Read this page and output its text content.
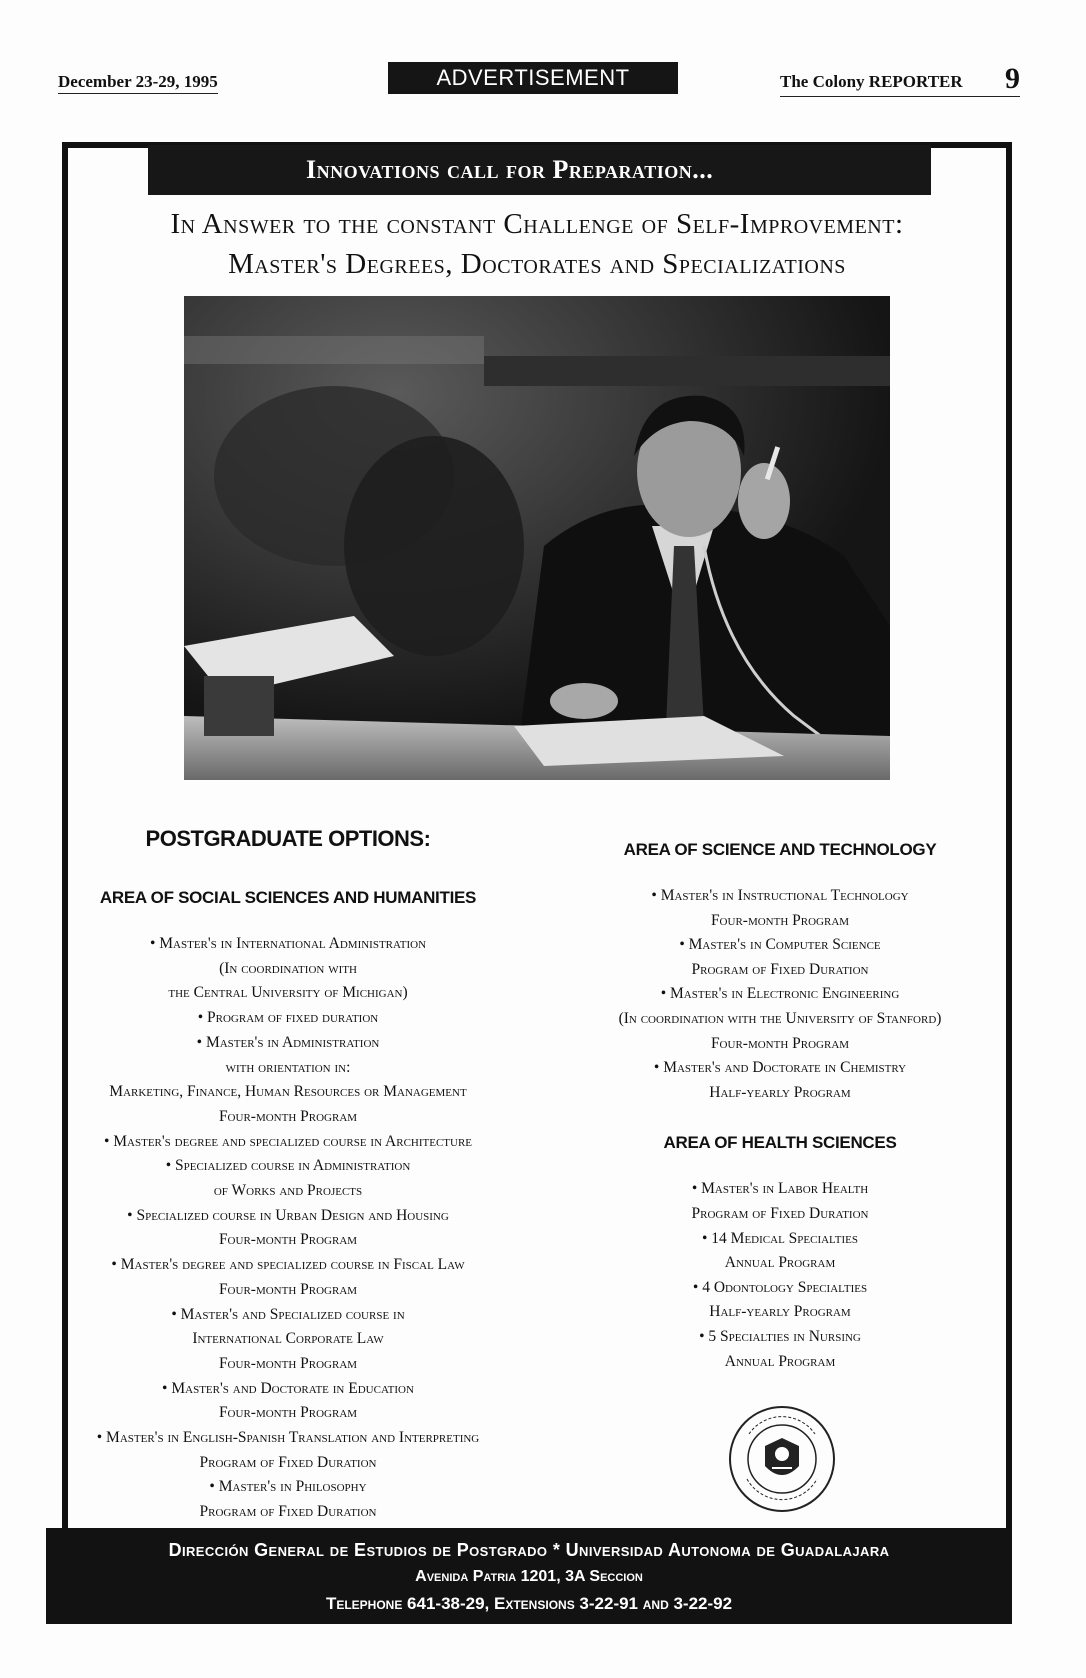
December 23-29, 1995	ADVERTISEMENT	The Colony REPORTER 9
Innovations call for Preparation...
In Answer to the constant Challenge of Self-Improvement:
Master's Degrees, Doctorates and Specializations
POSTGRADUATE OPTIONS:
AREA OF SOCIAL SCIENCES AND HUMANITIES
• Master's in International Administration
(In coordination with
the Central University of Michigan)
• Program of fixed duration
• Master's in Administration
with orientation in:
Marketing, Finance, Human Resources or Management
Four-month Program
• Master's degree and specialized course in Architecture
• Specialized course in Administration
of Works and Projects
• Specialized course in Urban Design and Housing
Four-month Program
• Master's degree and specialized course in Fiscal Law
Four-month Program
• Master's and Specialized course in
International Corporate Law
Four-month Program
• Master's and Doctorate in Education
Four-month Program
• Master's in English-Spanish Translation and Interpreting
Program of Fixed Duration
• Master's in Philosophy
Program of Fixed Duration
AREA OF SCIENCE AND TECHNOLOGY
• Master's in Instructional Technology
Four-month Program
• Master's in Computer Science
Program of Fixed Duration
• Master's in Electronic Engineering
(In coordination with the University of Stanford)
Four-month Program
• Master's and Doctorate in Chemistry
Half-yearly Program
AREA OF HEALTH SCIENCES
• Master's in Labor Health
Program of Fixed Duration
• 14 Medical Specialties
Annual Program
• 4 Odontology Specialties
Half-yearly Program
• 5 Specialties in Nursing
Annual Program
Dirección General de Estudios de Postgrado * Universidad Autonoma de Guadalajara
Avenida Patria 1201, 3A Seccion
Telephone 641-38-29, Extensions 3-22-91 and 3-22-92
